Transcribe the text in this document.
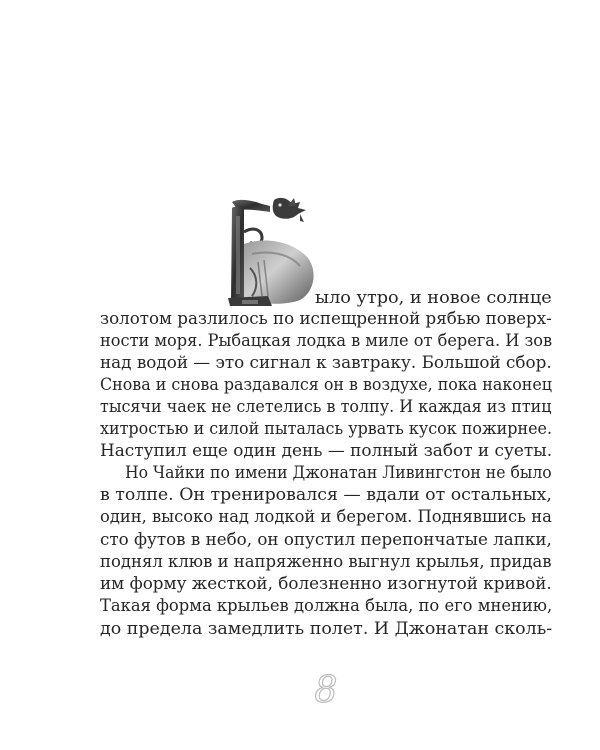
ыло утро, и новое солнце
золотом разлилось по испещренной рябью поверх-
ности моря. Рыбацкая лодка в миле от берега. И зов
над водой — это сигнал к завтраку. Большой сбор.
Снова и снова раздавался он в воздухе, пока наконец
тысячи чаек не слетелись в толпу. И каждая из птиц
хитростью и силой пыталась урвать кусок пожирнее.
Наступил еще один день — полный забот и суеты.
Но Чайки по имени Джонатан Ливингстон не было
в толпе. Он тренировался — вдали от остальных,
один, высоко над лодкой и берегом. Поднявшись на
сто футов в небо, он опустил перепончатые лапки,
поднял клюв и напряженно выгнул крылья, придав
им форму жесткой, болезненно изогнутой кривой.
Такая форма крыльев должна была, по его мнению,
до предела замедлить полет. И Джонатан сколь-
8
